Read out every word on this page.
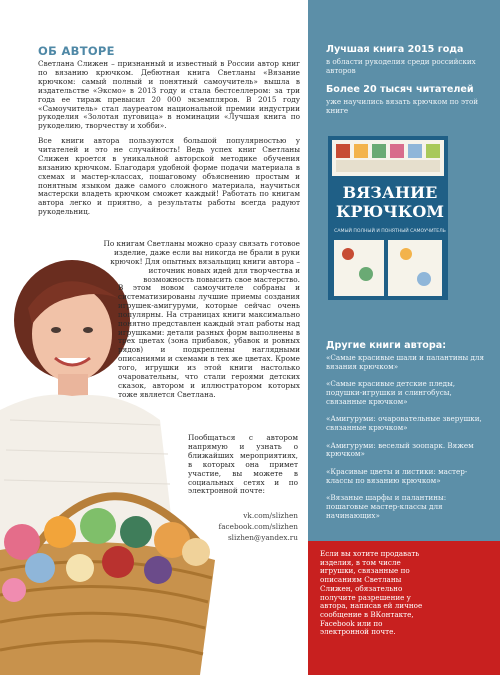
ОБ АВТОРЕ

Светлана Слижен – признанный и известный в России автор книг по вязанию крючком. Дебютная книга Светланы «Вязание крючком: самый полный и понятный самоучитель» вышла в издательстве «Эксмо» в 2013 году и стала бестселлером: за три года ее тираж превысил 20 000 экземпляров. В 2015 году «Самоучитель» стал лауреатом национальной премии индустрии рукоделия «Золотая пуговица» в номинации «Лучшая книга по рукоделию, творчеству и хобби».

Все книги автора пользуются большой популярностью у читателей и это не случайность! Ведь успех книг Светланы Слижен кроется в уникальной авторской методике обучения вязанию крючком. Благодаря удобной форме подачи материала в схемах и мастер-классах, пошаговому объяснению простым и понятным языком даже самого сложного материала, научиться мастерски владеть крючком сможет каждый! Работать по книгам автора легко и приятно, а результаты работы всегда радуют рукодельниц.

По книгам Светланы можно сразу связать готовое изделие, даже если вы никогда не брали в руки крючок! Для опытных вязальщиц книги автора – источник новых идей для творчества и возможность повысить свое мастерство.

В этом новом самоучителе собраны и систематизированы лучшие приемы создания игрушек-амигуруми, которые сейчас очень популярны. На страницах книги максимально понятно представлен каждый этап работы над игрушками: детали разных форм выполнены в трех цветах (зона прибавок, убавок и ровных рядов) и подкреплены наглядными описаниями и схемами в тех же цветах. Кроме того, игрушки из этой книги настолько очаровательны, что стали героями детских сказок, автором и иллюстратором которых тоже является Светлана.

Пообщаться с автором напрямую и узнать о ближайших мероприятиях, в которых она примет участие, вы можете в социальных сетях и по электронной почте:

vk.com/slizhen
facebook.com/slizhen
slizhen@yandex.ru

Лучшая книга 2015 года

в области рукоделия среди российских авторов

Более 20 тысяч читателей

уже научились вязать крючком по этой книге

ВЯЗАНИЕ
КРЮЧКОМ
САМЫЙ ПОЛНЫЙ И ПОНЯТНЫЙ САМОУЧИТЕЛЬ

Другие книги автора:

«Самые красивые шали и палантины для вязания крючком»
«Самые красивые детские пледы, подушки-игрушки и слингобусы, связанные крючком»
«Амигуруми: очаровательные зверушки, связанные крючком»
«Амигуруми: веселый зоопарк. Вяжем крючком»
«Красивые цветы и листики: мастер-классы по вязанию крючком»
«Вязаные шарфы и палантины: пошаговые мастер-классы для начинающих»

Если вы хотите продавать изделия, в том числе игрушки, связанные по описаниям Светланы Слижен, обязательно получите разрешение у автора, написав ей личное сообщение в ВКонтакте, Facebook или по электронной почте.
